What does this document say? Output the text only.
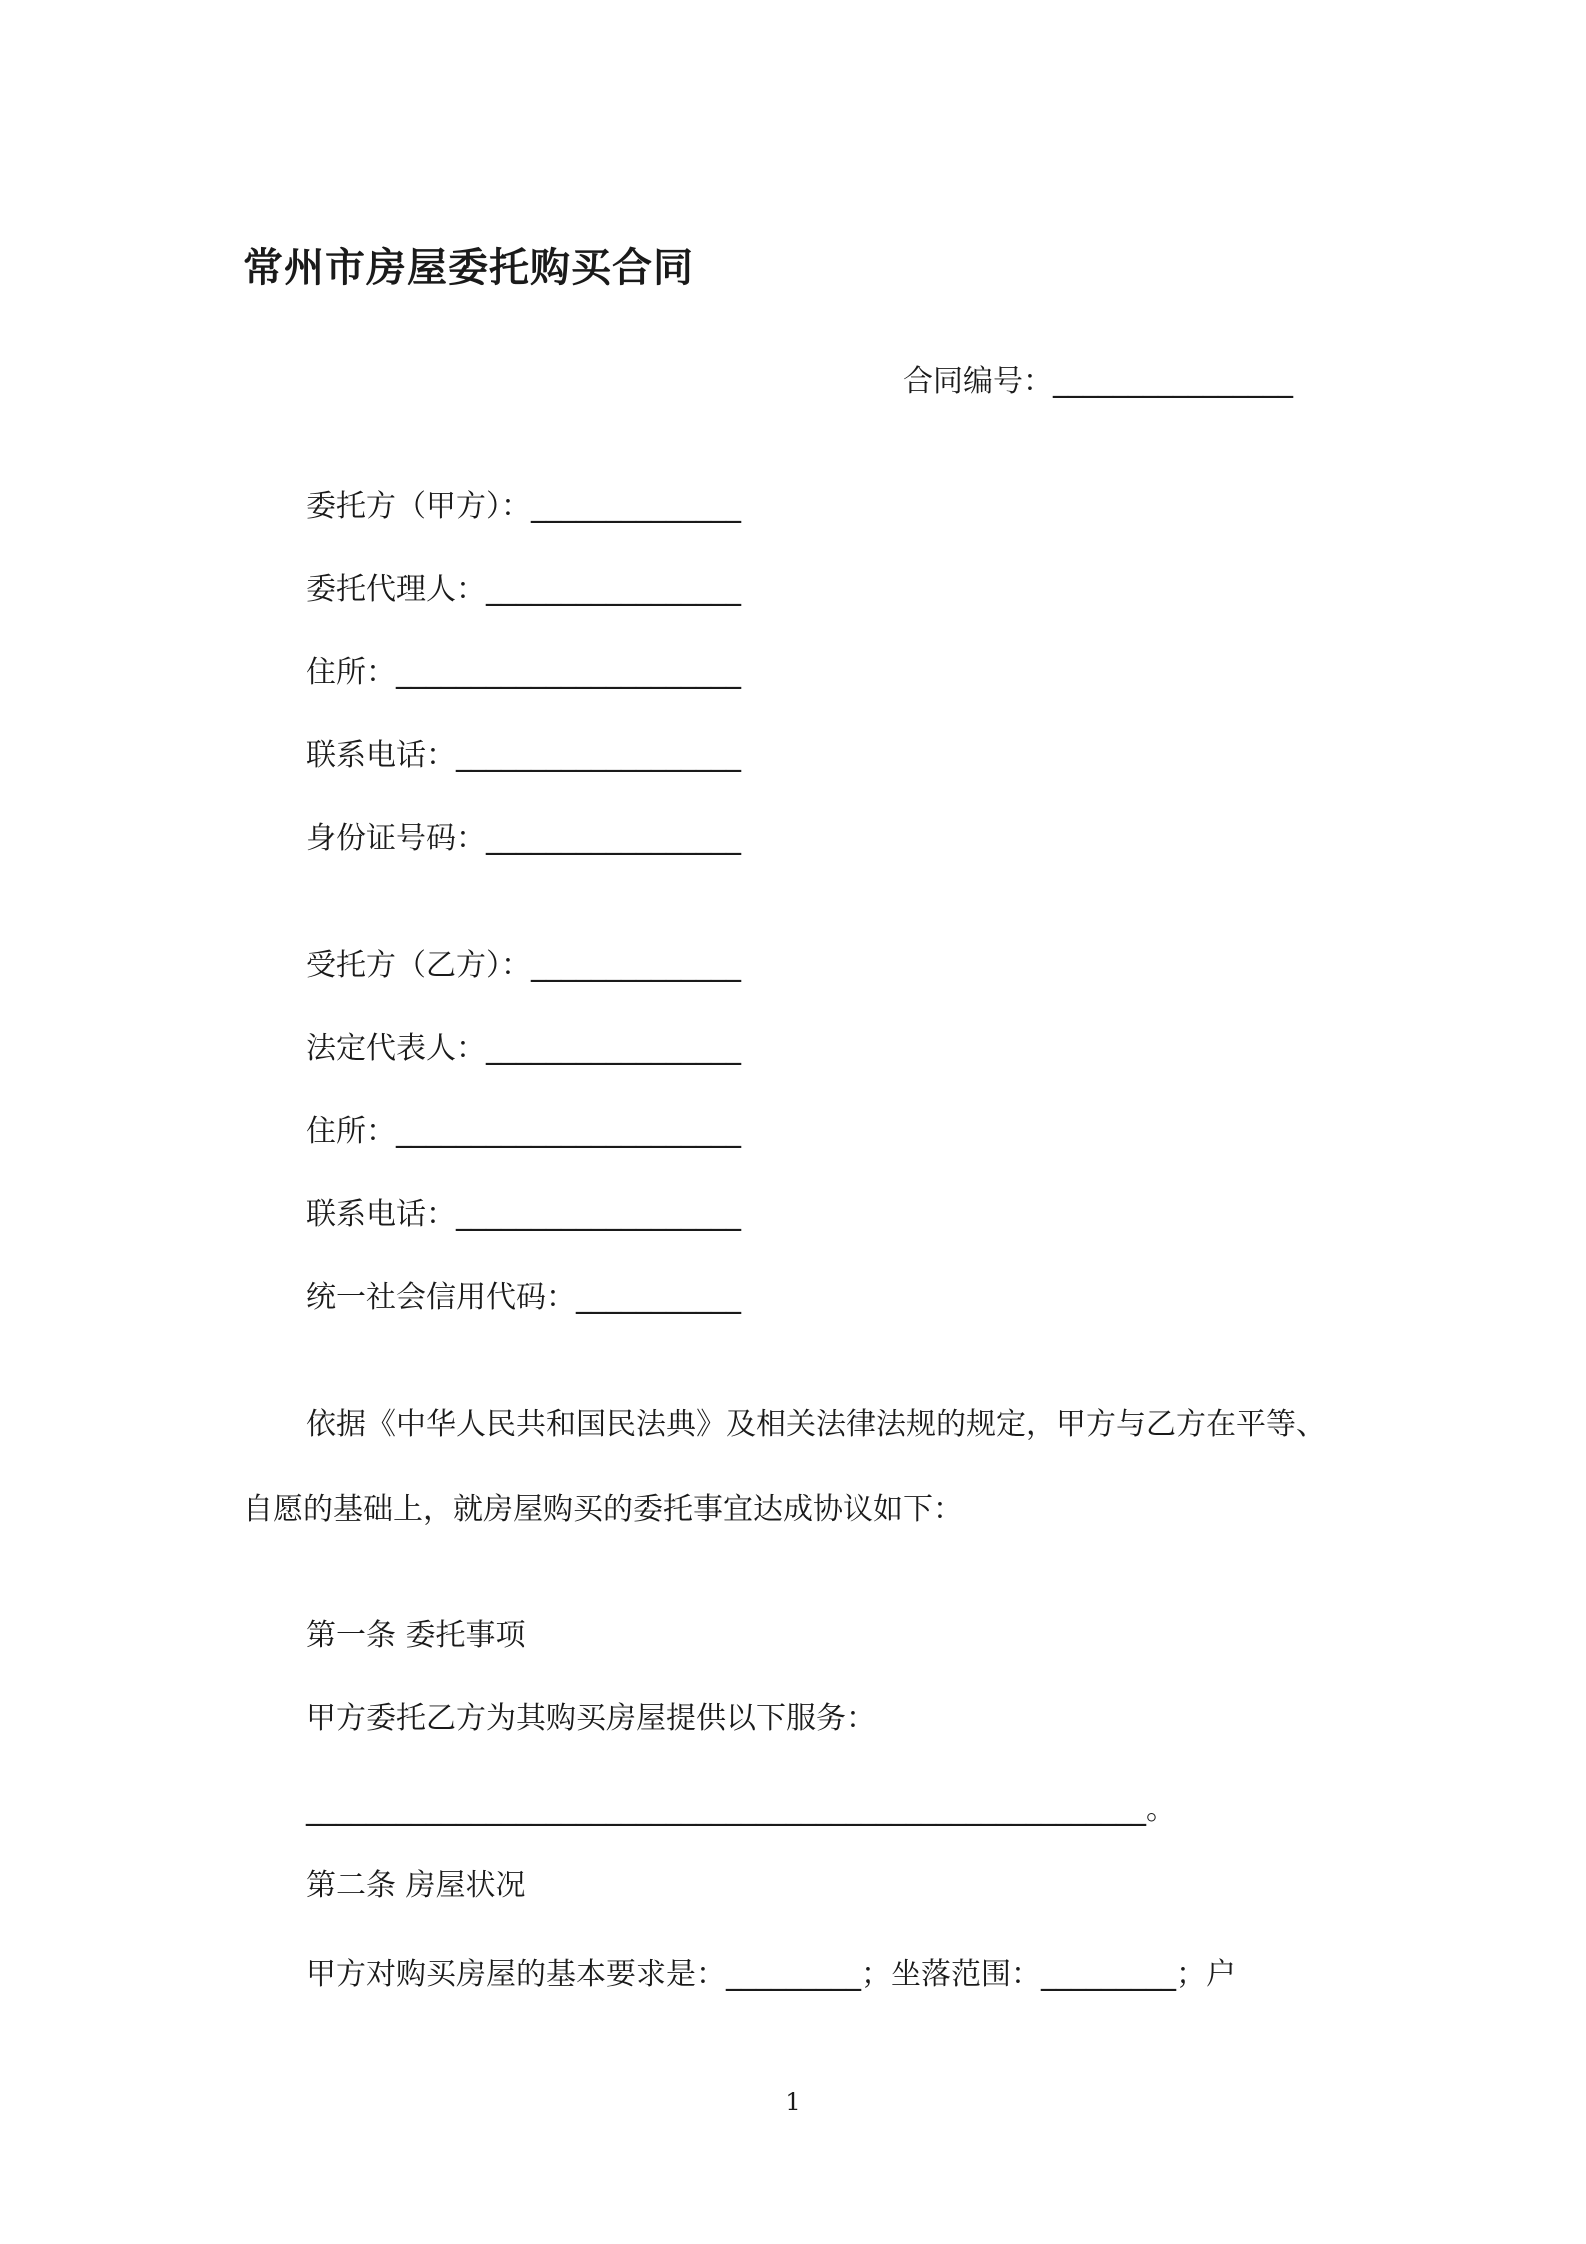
常州市房屋委托购买合同
合同编号：________________
委托方（甲方）：______________
委托代理人：_________________
住所：_______________________
联系电话：___________________
身份证号码：_________________
受托方（乙方）：______________
法定代表人：_________________
住所：_______________________
联系电话：___________________
统一社会信用代码：___________
依据《中华人民共和国民法典》及相关法律法规的规定，甲方与乙方在平等、
自愿的基础上，就房屋购买的委托事宜达成协议如下：
第一条 委托事项
甲方委托乙方为其购买房屋提供以下服务：
________________________________________________________。
第二条 房屋状况
甲方对购买房屋的基本要求是：_________；坐落范围：_________；户
1
